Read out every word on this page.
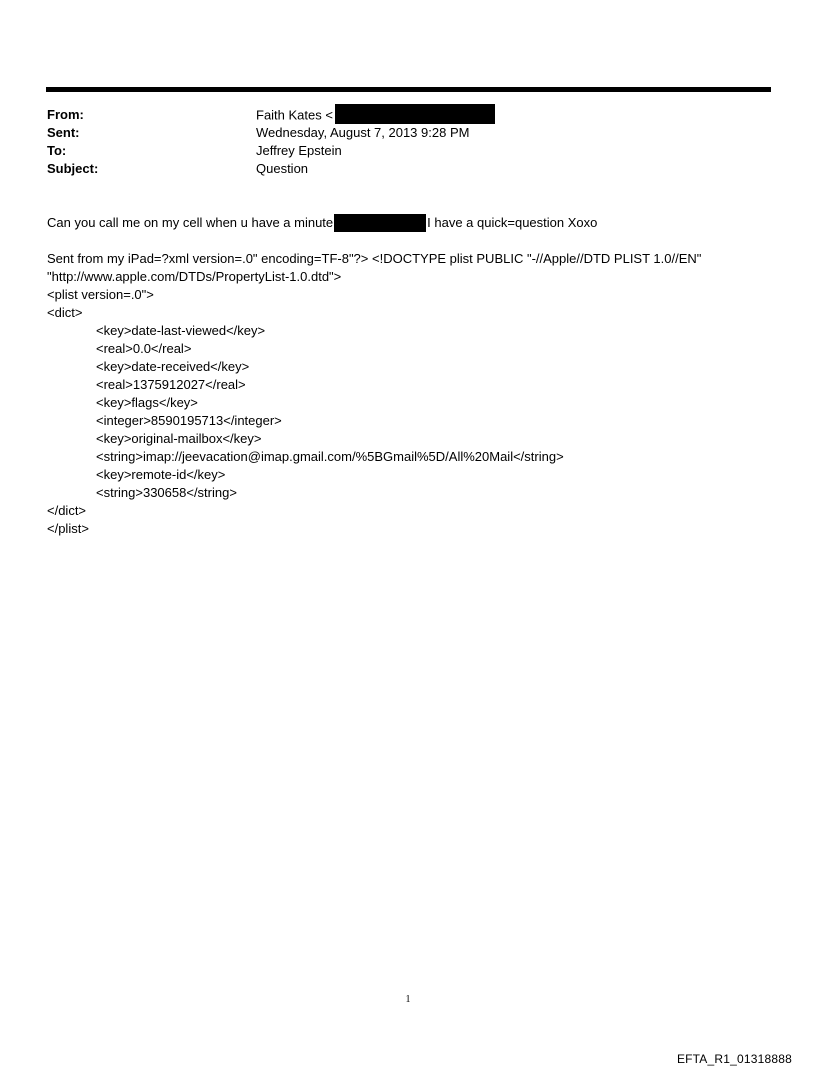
From:	Faith Kates <
Sent:	Wednesday, August 7, 2013 9:28 PM
To:	Jeffrey Epstein
Subject:	Question
Can you call me on my cell when u have a minute	I have a quick=question Xoxo
Sent from my iPad=?xml version=.0" encoding=TF-8"?> <!DOCTYPE plist PUBLIC "-//Apple//DTD PLIST 1.0//EN"
"http://www.apple.com/DTDs/PropertyList-1.0.dtd">
<plist version=.0">
<dict>
<key>date-last-viewed</key>
<real>0.0</real>
<key>date-received</key>
<real>1375912027</real>
<key>flags</key>
<integer>8590195713</integer>
<key>original-mailbox</key>
<string>imap://jeevacation@imap.gmail.com/%5BGmail%5D/All%20Mail</string>
<key>remote-id</key>
<string>330658</string>
</dict>
</plist>
1
EFTA_R1_01318888
